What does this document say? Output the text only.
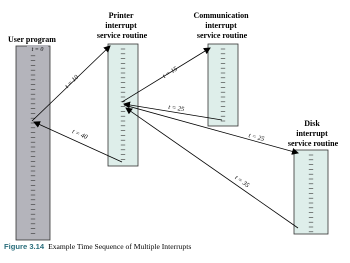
User program
Printer interrupt service routine
Communication interrupt service routine
Disk interrupt service routine
t = 0
t = 10
t = 40
t = 15
t = 25
t = 25
t = 35
Figure 3.14 Example Time Sequence of Multiple Interrupts
